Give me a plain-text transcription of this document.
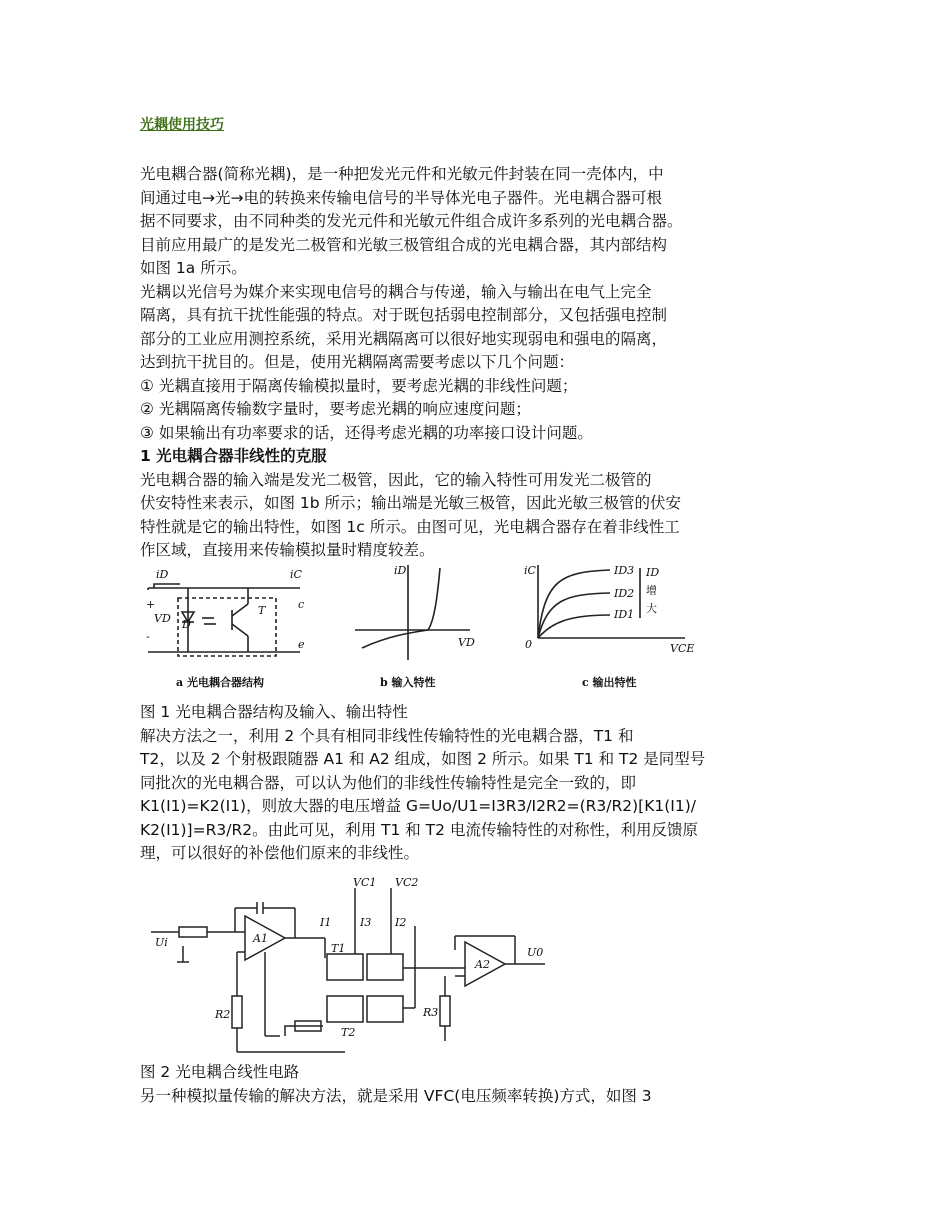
光耦使用技巧

光电耦合器(简称光耦)，是一种把发光元件和光敏元件封装在同一壳体内，中

间通过电→光→电的转换来传输电信号的半导体光电子器件。光电耦合器可根

据不同要求，由不同种类的发光元件和光敏元件组合成许多系列的光电耦合器。

目前应用最广的是发光二极管和光敏三极管组合成的光电耦合器，其内部结构

如图 1a 所示。

光耦以光信号为媒介来实现电信号的耦合与传递，输入与输出在电气上完全

隔离，具有抗干扰性能强的特点。对于既包括弱电控制部分，又包括强电控制

部分的工业应用测控系统，采用光耦隔离可以很好地实现弱电和强电的隔离，

达到抗干扰目的。但是，使用光耦隔离需要考虑以下几个问题：

① 光耦直接用于隔离传输模拟量时，要考虑光耦的非线性问题；

② 光耦隔离传输数字量时，要考虑光耦的响应速度问题；

③ 如果输出有功率要求的话，还得考虑光耦的功率接口设计问题。

1 光电耦合器非线性的克服

光电耦合器的输入端是发光二极管，因此，它的输入特性可用发光二极管的

伏安特性来表示，如图 1b 所示；输出端是光敏三极管，因此光敏三极管的伏安

特性就是它的输出特性，如图 1c 所示。由图可见，光电耦合器存在着非线性工

作区域，直接用来传输模拟量时精度较差。

iD	iC
+
VD
-
D
T	c
e
iD
VD
iC
0	VCE
ID3
ID2
ID1
ID
增
大
a 光电耦合器结构	b 输入特性	c 输出特性

图 1 光电耦合器结构及输入、输出特性

解决方法之一，利用 2 个具有相同非线性传输特性的光电耦合器，T1 和

T2，以及 2 个射极跟随器 A1 和 A2 组成，如图 2 所示。如果 T1 和 T2 是同型号

同批次的光电耦合器，可以认为他们的非线性传输特性是完全一致的，即

K1(I1)=K2(I1)，则放大器的电压增益 G=Uo/U1=I3R3/I2R2=(R3/R2)[K1(I1)/

K2(I1)]=R3/R2。由此可见，利用 T1 和 T2 电流传输特性的对称性，利用反馈原

理，可以很好的补偿他们原来的非线性。

VC1 VC2
Ui	A1
I1	I3 I2
T1
T2
R2
A2
R3
U0

图 2 光电耦合线性电路

另一种模拟量传输的解决方法，就是采用 VFC(电压频率转换)方式，如图 3
